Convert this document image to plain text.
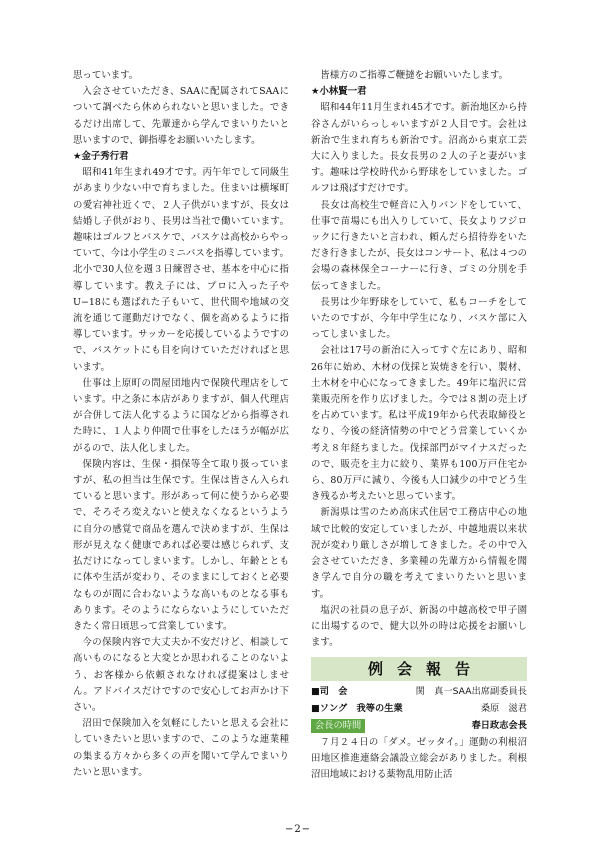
思っています。

入会させていただき、SAAに配属されてSAAについて調べたら休められないと思いました。できるだけ出席して、先輩達から学んでまいりたいと思いますので、御指導をお願いいたします。

★金子秀行君

昭和41年生まれ49才です。丙午年でして同級生があまり少ない中で育ちました。住まいは横塚町の愛宕神社近くで、２人子供がいますが、長女は結婚し子供がおり、長男は当社で働いています。趣味はゴルフとバスケで、バスケは高校からやっていて、今は小学生のミニバスを指導しています。北小で30人位を週３日練習させ、基本を中心に指導しています。教え子には、プロに入った子やU−18にも選ばれた子もいて、世代間や地域の交流を通じて運動だけでなく、個を高めるように指導しています。サッカーを応援しているようですので、バスケットにも目を向けていただければと思います。

仕事は上原町の問屋団地内で保険代理店をしています。中之条に本店がありますが、個人代理店が合併して法人化するように国などから指導された時に、１人より仲間で仕事をしたほうが幅が広がるので、法人化しました。

保険内容は、生保・損保等全て取り扱っていますが、私の担当は生保です。生保は皆さん入られていると思います。形があって何に使うから必要で、そろそろ変えないと使えなくなるというように自分の感覚で商品を選んで決めますが、生保は形が見えなく健康であれば必要は感じられず、支払だけになってしまいます。しかし、年齢とともに体や生活が変わり、そのままにしておくと必要なものが間に合わないような高いものとなる事もあります。そのようにならないようにしていただきたく常日頃思って営業しています。

今の保険内容で大丈夫か不安だけど、相談して高いものになると大変とか思われることのないよう、お客様から依頼されなければ提案はしません。アドバイスだけですので安心してお声かけ下さい。

沼田で保険加入を気軽にしたいと思える会社にしていきたいと思いますので、このような連業種の集まる方々から多くの声を聞いて学んでまいりたいと思います。

皆様方のご指導ご鞭撻をお願いいたします。

★小林賢一君

昭和44年11月生まれ45才です。新治地区から持谷さんがいらっしゃいますが２人目です。会社は新治で生まれ育ちも新治です。沼高から東京工芸大に入りました。長女長男の２人の子と妻がいます。趣味は学校時代から野球をしていました。ゴルフは飛ばすだけです。

長女は高校生で軽音に入りバンドをしていて、仕事で苗場にも出入りしていて、長女よりフジロックに行きたいと言われ、頼んだら招待券をいただき行きましたが、長女はコンサート、私は４つの会場の森林保全コーナーに行き、ゴミの分別を手伝ってきました。

長男は少年野球をしていて、私もコーチをしていたのですが、今年中学生になり、バスケ部に入ってしまいました。

会社は17号の新治に入ってすぐ左にあり、昭和26年に始め、木材の伐採と炭焼きを行い、製材、土木材を中心になってきました。49年に塩沢に営業販売所を作り広げました。今では８割の売上げを占めています。私は平成19年から代表取締役となり、今後の経済情勢の中でどう営業していくか考え８年経ちました。伐採部門がマイナスだったので、販売を主力に絞り、業界も100万戸住宅から、80万戸に減り、今後も人口減少の中でどう生き残るか考えたいと思っています。

新潟県は雪のため高床式住居で工務店中心の地域で比較的安定していましたが、中越地震以来状況が変わり厳しさが増してきました。その中で入会させていただき、多業種の先輩方から情報を聞き学んで自分の職を考えてまいりたいと思います。

塩沢の社員の息子が、新潟の中越高校で甲子園に出場するので、健大以外の時は応援をお願いします。

例会報告
■司　会	関　真一SAA出席副委員長
■ソング　我等の生業	桑原　滋君
会長の時間	春日政志会長

７月２４日の「ダメ。ゼッタイ。」運動の利根沼田地区推進連絡会議設立総会がありました。利根沼田地域における薬物乱用防止活

−2−
